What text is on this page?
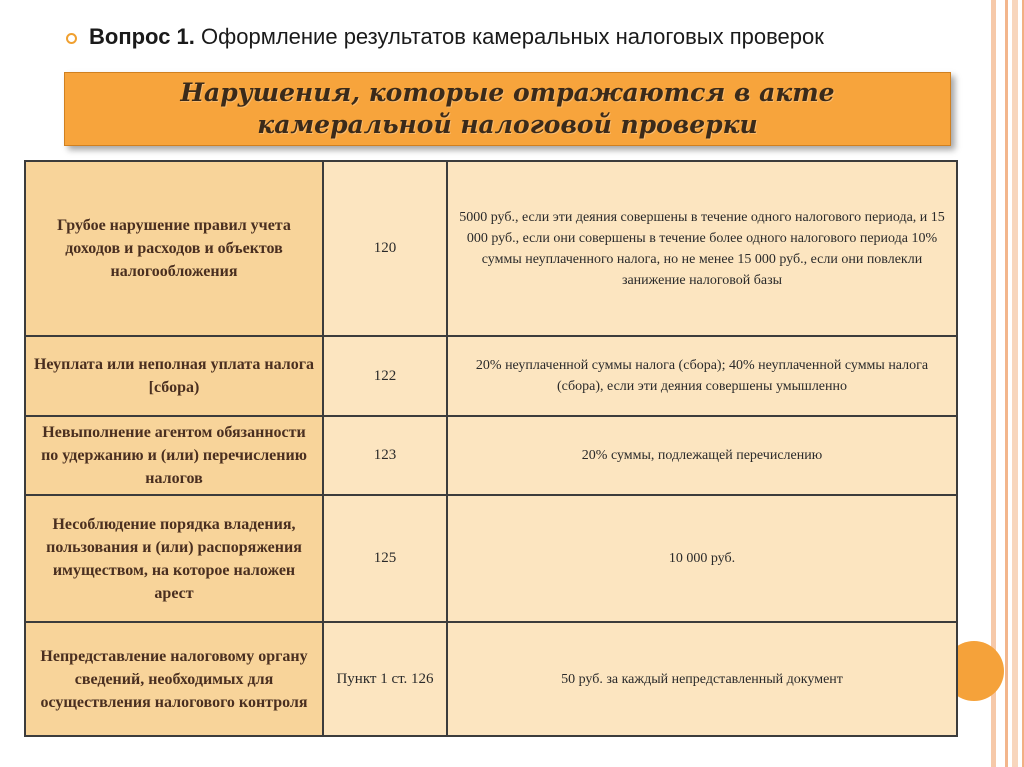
Вопрос 1. Оформление результатов камеральных налоговых проверок
Нарушения, которые отражаются в акте
камеральной налоговой проверки
Грубое нарушение правил учета доходов и расходов и объектов налогообложения	120	5000 руб., если эти деяния совершены в течение одного налогового периода, и 15 000 руб., если они совершены в течение более одного налогового периода 10% суммы неуплаченного налога, но не менее 15 000 руб., если они повлекли занижение налоговой базы
Неуплата или неполная уплата налога [сбора)	122	20% неуплаченной суммы налога (сбора); 40% неуплаченной суммы налога (сбора), если эти деяния совершены умышленно
Невыполнение агентом обязанности по удержанию и (или) перечислению налогов	123	20% суммы, подлежащей перечислению
Несоблюдение порядка владения, пользования и (или) распоряжения имуществом, на которое наложен арест	125	10 000 руб.
Непредставление налоговому органу сведений, необходимых для осуществления налогового контроля	Пункт 1 ст. 126	50 руб. за каждый непредставленный документ
